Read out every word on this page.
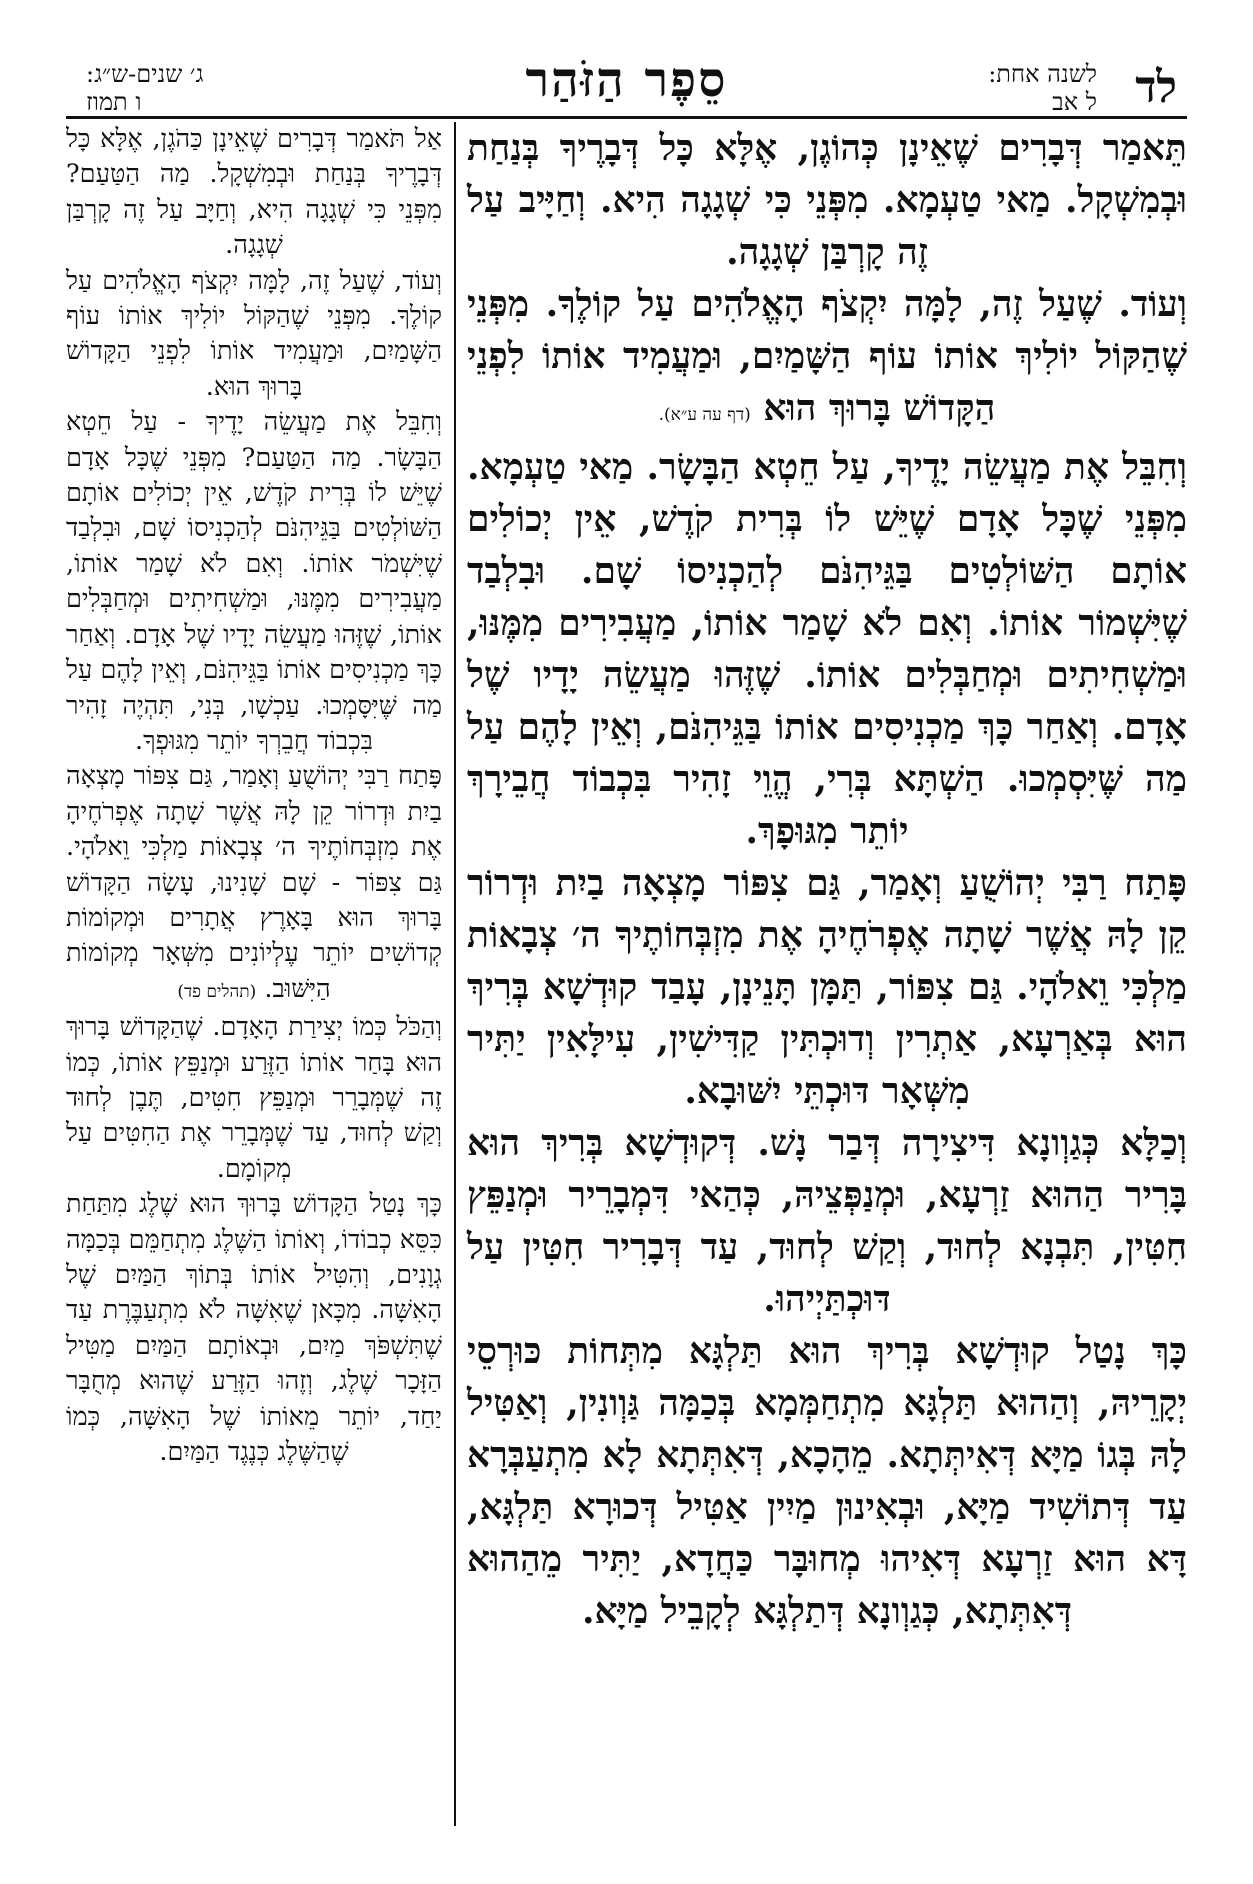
לד
לשנה אחת:
ל אב
סֵפֶר הַזֹּהַר
ג׳ שנים-ש״ג:
ו תמוז

תֵּאמַר דְּבָרִים שֶׁאֵינָן כְּהוֹגֶן, אֶלָּא כָּל דְּבָרֶיךָ בְּנַחַת וּבְמִשְׁקָל. מַאי טַעְמָא. מִפְּנֵי כִּי שְׁגָגָה הִיא. וְחַיָּיב עַל זֶה קָרְבַּן שְׁגָגָה.

וְעוֹד. שֶׁעַל זֶה, לָמָּה יִקְצֹף הָאֱלֹהִים עַל קוֹלֶךָ. מִפְּנֵי שֶׁהַקּוֹל יוֹלִיךְ אוֹתוֹ עוֹף הַשָּׁמַיִם, וּמַעֲמִיד אוֹתוֹ לִפְנֵי הַקָּדוֹשׁ בָּרוּךְ הוּא (דף עה ע״א).

וְחִבֵּל אֶת מַעֲשֵׂה יָדֶיךָ, עַל חֵטְא הַבָּשָׂר. מַאי טַעְמָא. מִפְּנֵי שֶׁכָּל אָדָם שֶׁיֵּשׁ לוֹ בְּרִית קֹדֶשׁ, אֵין יְכוֹלִים אוֹתָם הַשּׁוֹלְטִים בַּגֵּיהִנֹּם לְהַכְנִיסוֹ שָׁם. וּבִלְבַד שֶׁיִּשְׁמוֹר אוֹתוֹ. וְאִם לֹא שָׁמַר אוֹתוֹ, מַעֲבִירִים מִמֶּנּוּ, וּמַשְׁחִיתִים וּמְחַבְּלִים אוֹתוֹ. שֶׁזֶּהוּ מַעֲשֵׂה יָדָיו שֶׁל אָדָם. וְאַחַר כָּךְ מַכְנִיסִים אוֹתוֹ בַּגֵּיהִנֹּם, וְאֵין לָהֶם עַל מַה שֶּׁיִּסְמְכוּ. הַשְׁתָּא בְּרִי, הֱוֵי זָהִיר בִּכְבוֹד חֲבֵירָךְ יוֹתֵר מִגּוּפָךְ.

פָּתַח רַבִּי יְהוֹשֻׁעַ וְאָמַר, גַּם צִפּוֹר מָצְאָה בַיִת וּדְרוֹר קֵן לָהּ אֲשֶׁר שָׁתָה אֶפְרֹחֶיהָ אֶת מִזְבְּחוֹתֶיךָ ה׳ צְבָאוֹת מַלְכִּי וֵאלֹהָי. גַּם צִפּוֹר, תַּמָּן תָּנֵינָן, עָבַד קוּדְשָׁא בְּרִיךְ הוּא בְּאַרְעָא, אַתְרִין וְדוּכְתִּין קַדִּישִׁין, עִילָּאִין יַתִּיר מִשְּׁאָר דּוּכְתֵּי יִשּׁוּבָא.

וְכַלָּא כְּגַוְונָא דִּיצִירָה דְּבַר נָשׁ. דְּקוּדְשָׁא בְּרִיךְ הוּא בָּרִיר הַהוּא זַרְעָא, וּמְנַפְּצֵיהּ, כְּהַאי דִּמְבָרֵיר וּמְנַפֵּץ חִטִּין, תִּבְנָא לְחוּד, וְקַשׁ לְחוּד, עַד דְּבָרִיר חִטִּין עַל דּוּכְתַּיְיהוּ.

כָּךְ נָטַל קוּדְשָׁא בְּרִיךְ הוּא תַּלְגָּא מִתְּחוֹת כּוּרְסֵי יְקָרֵיהּ, וְהַהוּא תַּלְגָּא מִתְחַמְּמָא בְּכַמָּה גַּוְונִין, וְאַטִּיל לָהּ בְּגוֹ מַיָּא דְּאִיתְּתָא. מֵהָכָא, דְּאִתְּתָא לָא מִתְעַבְּרָא עַד דְּתוֹשִׁיד מַיָּא, וּבְאִינוּן מַיִין אַטִּיל דְּכוּרָא תַּלְגָּא, דָּא הוּא זַרְעָא דְּאִיהוּ מְחוּבָּר כַּחֲדָא, יַתִּיר מֵהַהוּא דְּאִתְּתָא, כְּגַוְונָא דְּתַלְגָּא לְקָבֵיל מַיָּא.

אַל תֹּאמַר דְּבָרִים שֶׁאֵינָן כַּהֹגֶן, אֶלָּא כָּל דְּבָרֶיךָ בְּנַחַת וּבְמִשְׁקָל. מַה הַטַּעַם? מִפְּנֵי כִּי שְׁגָגָה הִיא, וְחַיָּב עַל זֶה קָרְבַּן שְׁגָגָה.

וְעוֹד, שֶׁעַל זֶה, לָמָּה יִקְצֹף הָאֱלֹהִים עַל קוֹלֶךָ. מִפְּנֵי שֶׁהַקּוֹל יוֹלִיךְ אוֹתוֹ עוֹף הַשָּׁמַיִם, וּמַעֲמִיד אוֹתוֹ לִפְנֵי הַקָּדוֹשׁ בָּרוּךְ הוּא.

וְחִבֵּל אֶת מַעֲשֵׂה יָדֶיךָ - עַל חֵטְא הַבָּשָׂר. מַה הַטַּעַם? מִפְּנֵי שֶׁכָּל אָדָם שֶׁיֵּשׁ לוֹ בְּרִית קֹדֶשׁ, אֵין יְכוֹלִים אוֹתָם הַשּׁוֹלְטִים בַּגֵּיהִנֹּם לְהַכְנִיסוֹ שָׁם, וּבִלְבַד שֶׁיִּשְׁמֹר אוֹתוֹ. וְאִם לֹא שָׁמַר אוֹתוֹ, מַעֲבִירִים מִמֶּנּוּ, וּמַשְׁחִיתִים וּמְחַבְּלִים אוֹתוֹ, שֶׁזֶּהוּ מַעֲשֵׂה יָדָיו שֶׁל אָדָם. וְאַחַר כָּךְ מַכְנִיסִים אוֹתוֹ בַּגֵּיהִנֹּם, וְאֵין לָהֶם עַל מַה שֶּׁיִּסָּמְכוּ. עַכְשָׁו, בְּנִי, תִּהְיֶה זָהִיר בִּכְבוֹד חֲבֵרְךָ יוֹתֵר מִגּוּפְךָ.

פָּתַח רַבִּי יְהוֹשֻׁעַ וְאָמַר, גַּם צִפּוֹר מָצְאָה בַיִת וּדְרוֹר קֵן לָהּ אֲשֶׁר שָׁתָה אֶפְרֹחֶיהָ אֶת מִזְבְּחוֹתֶיךָ ה׳ צְבָאוֹת מַלְכִּי וֵאלֹהָי. גַּם צִפּוֹר - שָׁם שָׁנִינוּ, עָשָׂה הַקָּדוֹשׁ בָּרוּךְ הוּא בָּאָרֶץ אֲתָרִים וּמְקוֹמוֹת קְדוֹשִׁים יוֹתֵר עֶלְיוֹנִים מִשְּׁאָר מְקוֹמוֹת הַיִּשּׁוּב. (תהלים פד)

וְהַכֹּל כְּמוֹ יְצִירַת הָאָדָם. שֶׁהַקָּדוֹשׁ בָּרוּךְ הוּא בָּחַר אוֹתוֹ הַזֶּרַע וּמְנַפֵּץ אוֹתוֹ, כְּמוֹ זֶה שֶׁמְּבָרֵר וּמְנַפֵּץ חִטִּים, תֶּבֶן לְחוּד וְקַשׁ לְחוּד, עַד שֶׁמְּבָרֵר אֶת הַחִטִּים עַל מְקוֹמָם.

כָּךְ נָטַל הַקָּדוֹשׁ בָּרוּךְ הוּא שֶׁלֶג מִתַּחַת כִּסֵּא כְבוֹדוֹ, וְאוֹתוֹ הַשֶּׁלֶג מִתְחַמֵּם בְּכַמָּה גְוָנִים, וְהִטִּיל אוֹתוֹ בְּתוֹךְ הַמַּיִם שֶׁל הָאִשָּׁה. מִכָּאן שֶׁאִשָּׁה לֹא מִתְעַבֶּרֶת עַד שֶׁתִּשְׁפֹּךְ מַיִם, וּבְאוֹתָם הַמַּיִם מַטִּיל הַזָּכָר שֶׁלֶג, וְזֶהוּ הַזֶּרַע שֶׁהוּא מְחֻבָּר יַחַד, יוֹתֵר מֵאוֹתוֹ שֶׁל הָאִשָּׁה, כְּמוֹ שֶׁהַשֶּׁלֶג כְּנֶגֶד הַמַּיִם.
